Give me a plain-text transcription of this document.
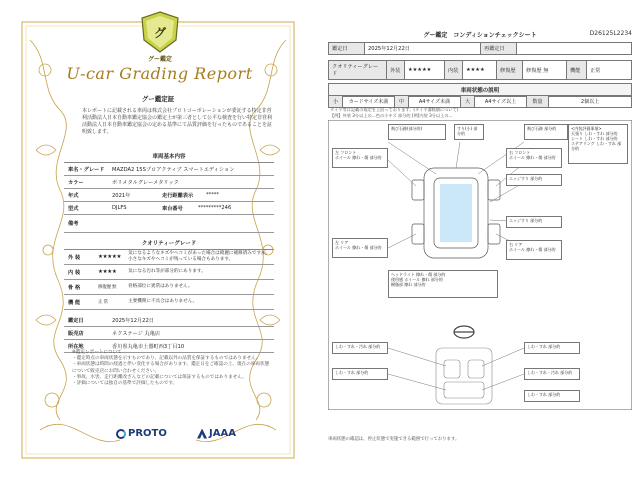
グ
グー鑑定
U-car Grading Report
グー鑑定証
本レポートに記載される車両は株式会社プロトコーポレーションが委託する特定非営利活動法人日本自動車鑑定協会の鑑定士が第三者として公平な検査を行い特定非営利活動法人日本自動車鑑定協会の定める基準にて品質評価を行ったものであることを証明致します。
車両基本内容
車名・グレード	MAZDA2 15Sプロアクティブ スマートエディション
カラー	ポリメタルグレーメタリック
年式	2021年	走行距離表示	*****
型式	DJLFS	車台番号	*********246
備考
クオリティーグレード
外 装	★★★★★
気になるようなキズやヘコミがあった場合は綺麗に補修済みですが、小さなキズやヘコミが残っている場合もあります。
内 装	★★★★	気になる汚れ等が部分的にあります。
骨 格	修復歴 無	骨格部位に異常はありません。
機 能	正 常	主要機関に不具合はありません。
鑑定日	2025年12月22日
販売店	ネクステージ 丸亀店
所在地	香川県丸亀市土器町西3丁目10
※鑑定レポートについて
・鑑定時点の車両状態を示すものであり、記載以外の品質を保証するものではありません。
・車両状態は時間の経過と伴い変化する場合があります。鑑定日をご確認の上、現在の車両状態について販売店にお問い合わせください。
・事故、水害、走行距離改ざんなどの記載については保証するものではありません。
・評価については独自の基準で評価したものです。
PROTO	JAAA
グー鑑定　コンディションチェックシート	D26125L2234
鑑定日	2025年12月22日	再鑑定日
クオリティーグレード
外装	★★★★★	内装	★★★★	修復歴	修復歴 無	機能	正常
車両状態の説明
小	カードサイズ未満	中	A4サイズ未満	大	A4サイズ以上	数量	2個以上
タイヤ等は記載の規定を上回っております。(タイヤ溝数値について)
【例】外装 3分以上の…色の小キズ 部分的 [例]内装 3分以上の…
飛び石跡(部分的)	すり(小) 部分的
飛び石跡 部分的
左 フロント
ホイール 擦れ・傷 部分的
右 フロント
ホイール 擦れ・傷 部分的
エッジすり 部分的
エッジすり 部分的
左 リア
ホイール 擦れ・傷 部分的
右 リア
ホイール 擦れ・傷 部分的
ヘッドライト 擦れ・傷 部分的
使用感 ホイール 擦れ 部分的
樹脂部 擦れ 部分的
<内装評価事項>
天張り しわ・すれ 部分的
シート しわ・すれ 部分的
ステアリング しわ・すれ 部分的
しわ・すれ・汚れ 部分的
しわ・すれ 部分的
しわ・すれ 部分的
しわ・すれ・汚れ 部分的
しわ・すれ 部分的
車両状態の確認は、停止状態で実施できる範囲で行っております。
